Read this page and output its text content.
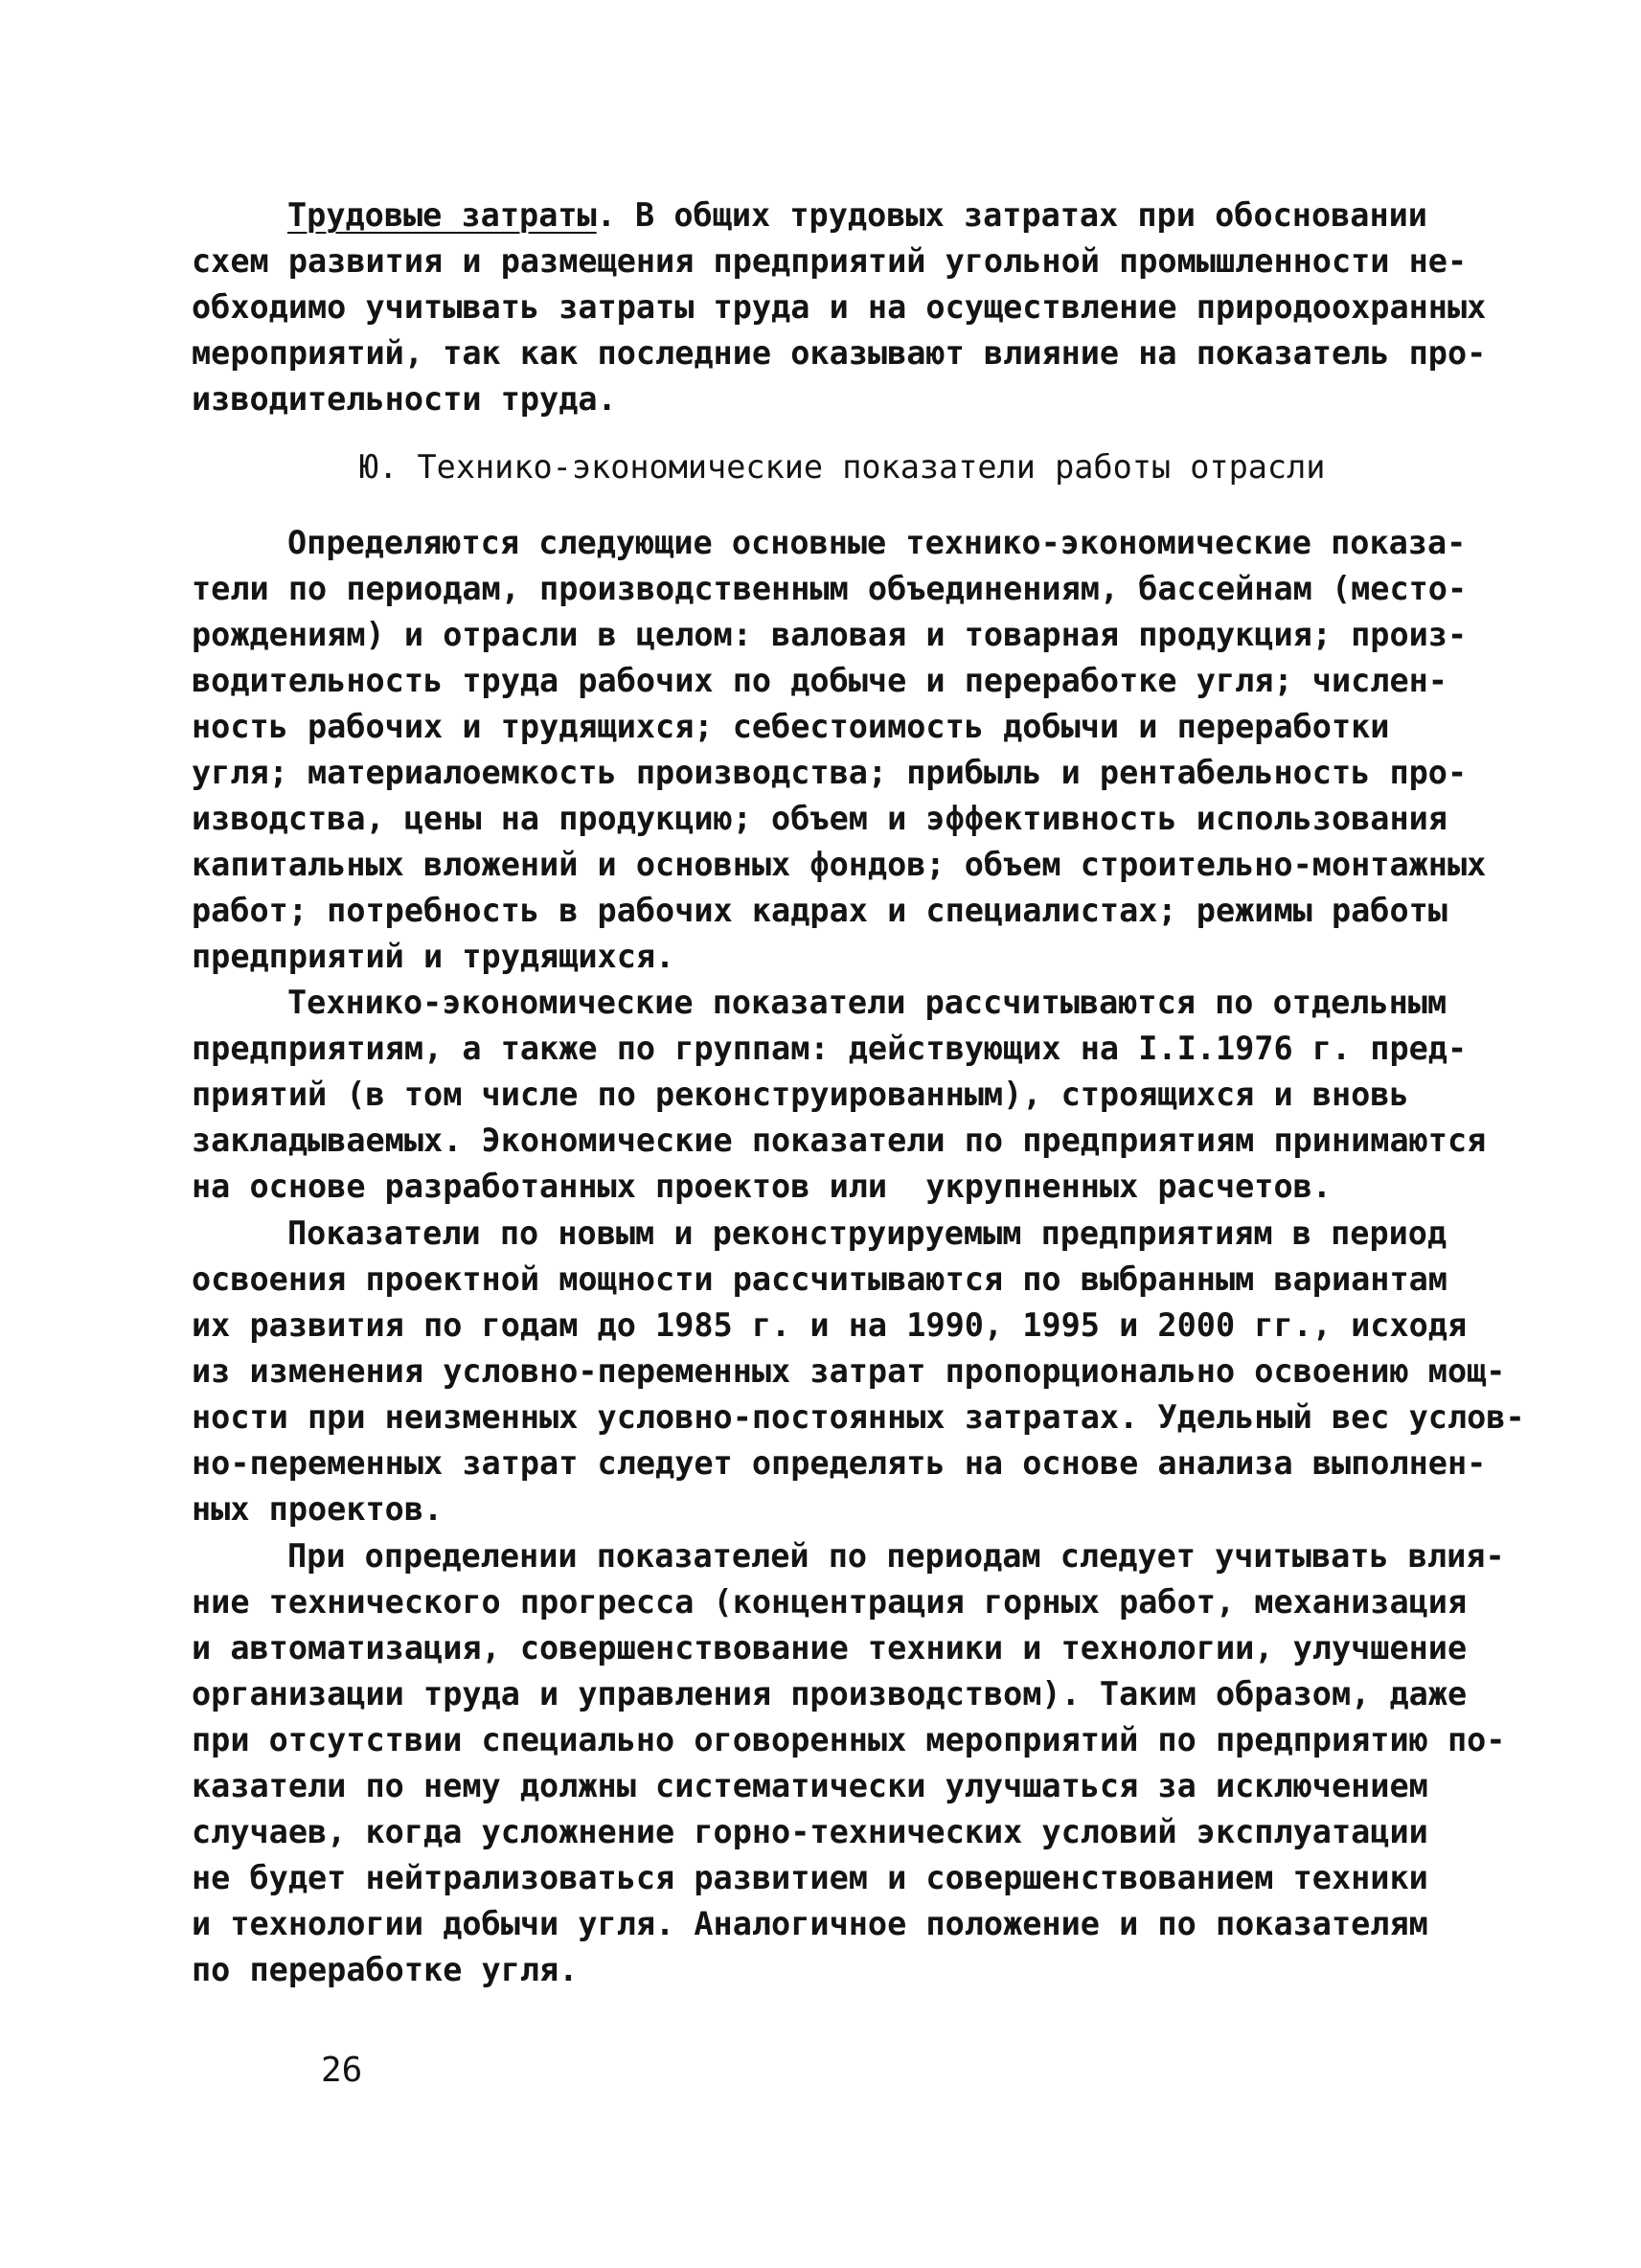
Трудовые затраты. В общих трудовых затратах при обосновании
схем развития и размещения предприятий угольной промышленности не-
обходимо учитывать затраты труда и на осуществление природоохранных
мероприятий, так как последние оказывают влияние на показатель про-
изводительности труда.
Ю. Технико-экономические показатели работы отрасли
Определяются следующие основные технико-экономические показа-
тели по периодам, производственным объединениям, бассейнам (место-
рождениям) и отрасли в целом: валовая и товарная продукция; произ-
водительность труда рабочих по добыче и переработке угля; числен-
ность рабочих и трудящихся; себестоимость добычи и переработки
угля; материалоемкость производства; прибыль и рентабельность про-
изводства, цены на продукцию; объем и эффективность использования
капитальных вложений и основных фондов; объем строительно-монтажных
работ; потребность в рабочих кадрах и специалистах; режимы работы
предприятий и трудящихся.
Технико-экономические показатели рассчитываются по отдельным
предприятиям, а также по группам: действующих на I.I.1976 г. пред-
приятий (в том числе по реконструированным), строящихся и вновь
закладываемых. Экономические показатели по предприятиям принимаются
на основе разработанных проектов или  укрупненных расчетов.
Показатели по новым и реконструируемым предприятиям в период
освоения проектной мощности рассчитываются по выбранным вариантам
их развития по годам до 1985 г. и на 1990, 1995 и 2000 гг., исходя
из изменения условно-переменных затрат пропорционально освоению мощ-
ности при неизменных условно-постоянных затратах. Удельный вес услов-
но-переменных затрат следует определять на основе анализа выполнен-
ных проектов.
При определении показателей по периодам следует учитывать влия-
ние технического прогресса (концентрация горных работ, механизация
и автоматизация, совершенствование техники и технологии, улучшение
организации труда и управления производством). Таким образом, даже
при отсутствии специально оговоренных мероприятий по предприятию по-
казатели по нему должны систематически улучшаться за исключением
случаев, когда усложнение горно-технических условий эксплуатации
не будет нейтрализоваться развитием и совершенствованием техники
и технологии добычи угля. Аналогичное положение и по показателям
по переработке угля.
26
